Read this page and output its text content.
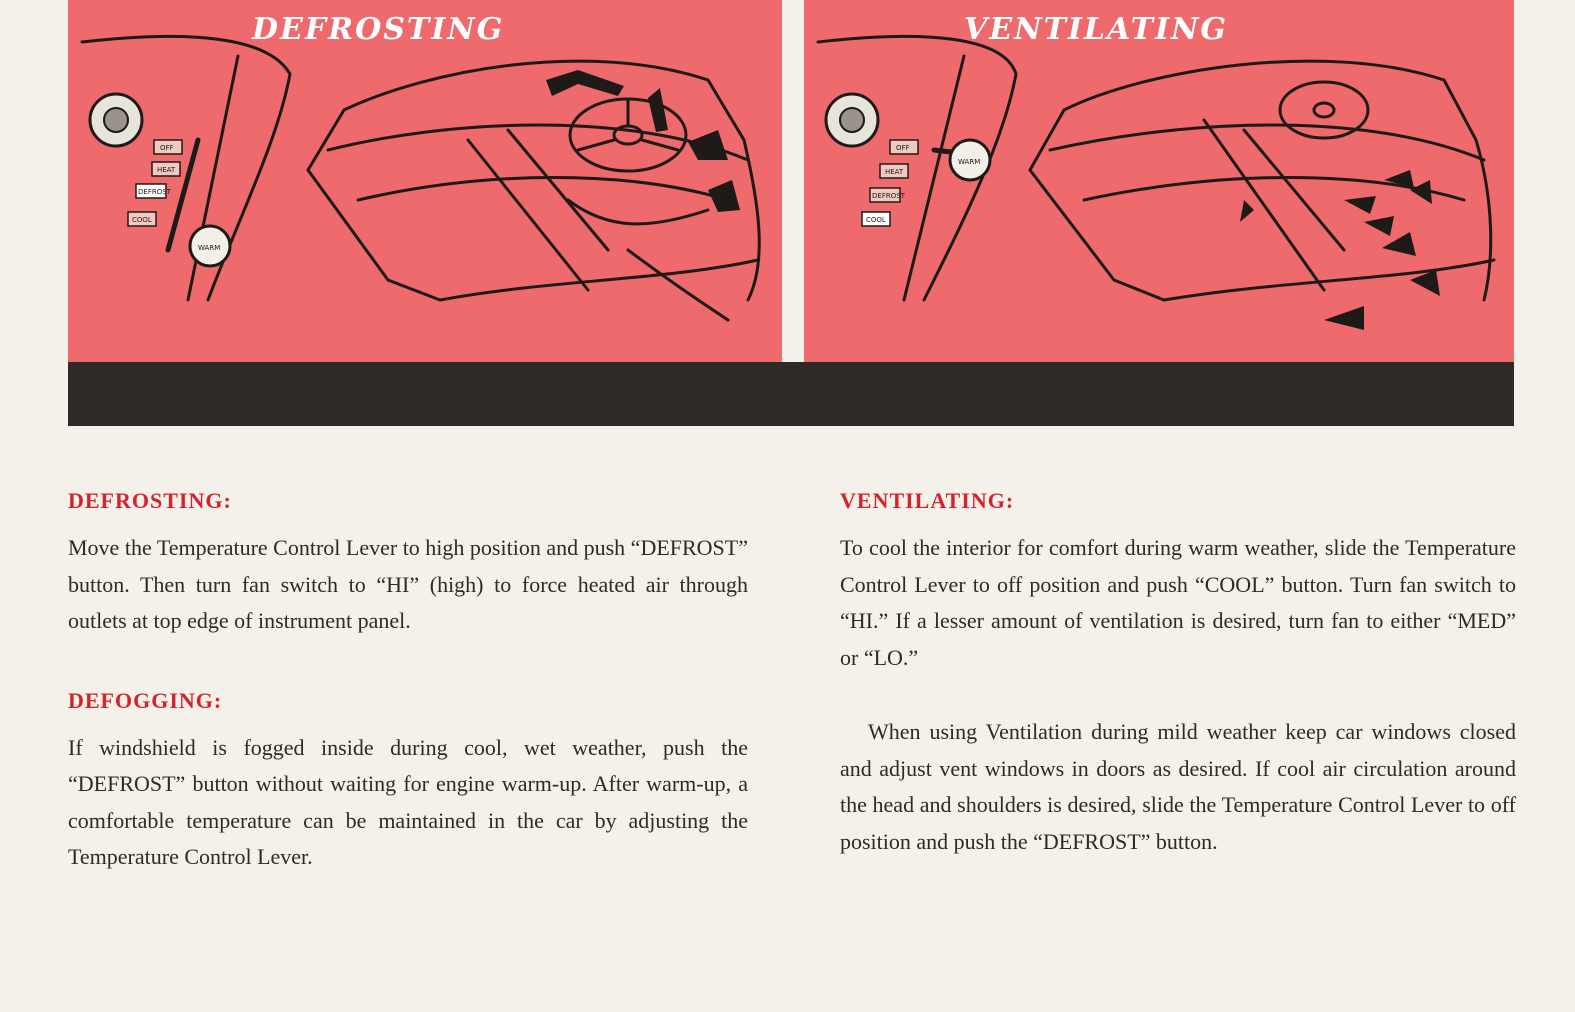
OFF
HEAT
DEFROST
COOL
WARM
OFF
HEAT
DEFROST
COOL
WARM
DEFROSTING	VENTILATING
DEFROSTING:

Move the Temperature Control Lever to high position and push “DEFROST” button. Then turn fan switch to “HI” (high) to force heated air through outlets at top edge of instrument panel.

DEFOGGING:

If windshield is fogged inside during cool, wet weather, push the “DEFROST” button without waiting for engine warm-up. After warm-up, a comfortable temperature can be maintained in the car by adjusting the Temperature Control Lever.

VENTILATING:

To cool the interior for comfort during warm weather, slide the Temperature Control Lever to off position and push “COOL” button. Turn fan switch to “HI.” If a lesser amount of ventilation is desired, turn fan to either “MED” or “LO.”

When using Ventilation during mild weather keep car windows closed and adjust vent windows in doors as desired. If cool air circulation around the head and shoulders is desired, slide the Temperature Control Lever to off position and push the “DEFROST” button.
